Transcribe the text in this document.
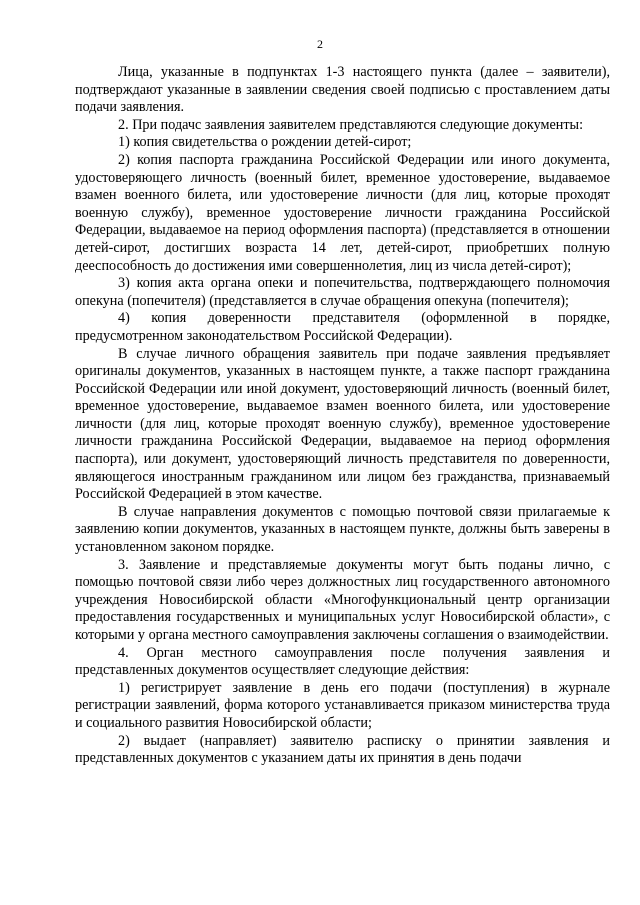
2

Лица, указанные в подпунктах 1-3 настоящего пункта (далее – заявители), подтверждают указанные в заявлении сведения своей подписью с проставлением даты подачи заявления.

2. При подачс заявления заявителем представляются следующие документы:

1) копия свидетельства о рождении детей-сирот;

2) копия паспорта гражданина Российской Федерации или иного документа, удостоверяющего личность (военный билет, временное удостоверение, выдаваемое взамен военного билета, или удостоверение личности (для лиц, которые проходят военную службу), временное удостоверение личности гражданина Российской Федерации, выдаваемое на период оформления паспорта) (представляется в отношении детей-сирот, достигших возраста 14 лет, детей-сирот, приобретших полную дееспособность до достижения ими совершеннолетия, лиц из числа детей-сирот);

3) копия акта органа опеки и попечительства, подтверждающего полномочия опекуна (попечителя) (представляется в случае обращения опекуна (попечителя);

4) копия доверенности представителя (оформленной в порядке, предусмотренном законодательством Российской Федерации).

В случае личного обращения заявитель при подаче заявления предъявляет оригиналы документов, указанных в настоящем пункте, а также паспорт гражданина Российской Федерации или иной документ, удостоверяющий личность (военный билет, временное удостоверение, выдаваемое взамен военного билета, или удостоверение личности (для лиц, которые проходят военную службу), временное удостоверение личности гражданина Российской Федерации, выдаваемое на период оформления паспорта), или документ, удостоверяющий личность представителя по доверенности, являющегося иностранным гражданином или лицом без гражданства, признаваемый Российской Федерацией в этом качестве.

В случае направления документов с помощью почтовой связи прилагаемые к заявлению копии документов, указанных в настоящем пункте, должны быть заверены в установленном законом порядке.

3. Заявление и представляемые документы могут быть поданы лично, с помощью почтовой связи либо через должностных лиц государственного автономного учреждения Новосибирской области «Многофункциональный центр организации предоставления государственных и муниципальных услуг Новосибирской области», с которыми у органа местного самоуправления заключены соглашения о взаимодействии.

4. Орган местного самоуправления после получения заявления и представленных документов осуществляет следующие действия:

1) регистрирует заявление в день его подачи (поступления) в журнале регистрации заявлений, форма которого устанавливается приказом министерства труда и социального развития Новосибирской области;

2) выдает (направляет) заявителю расписку о принятии заявления и представленных документов с указанием даты их принятия в день подачи
